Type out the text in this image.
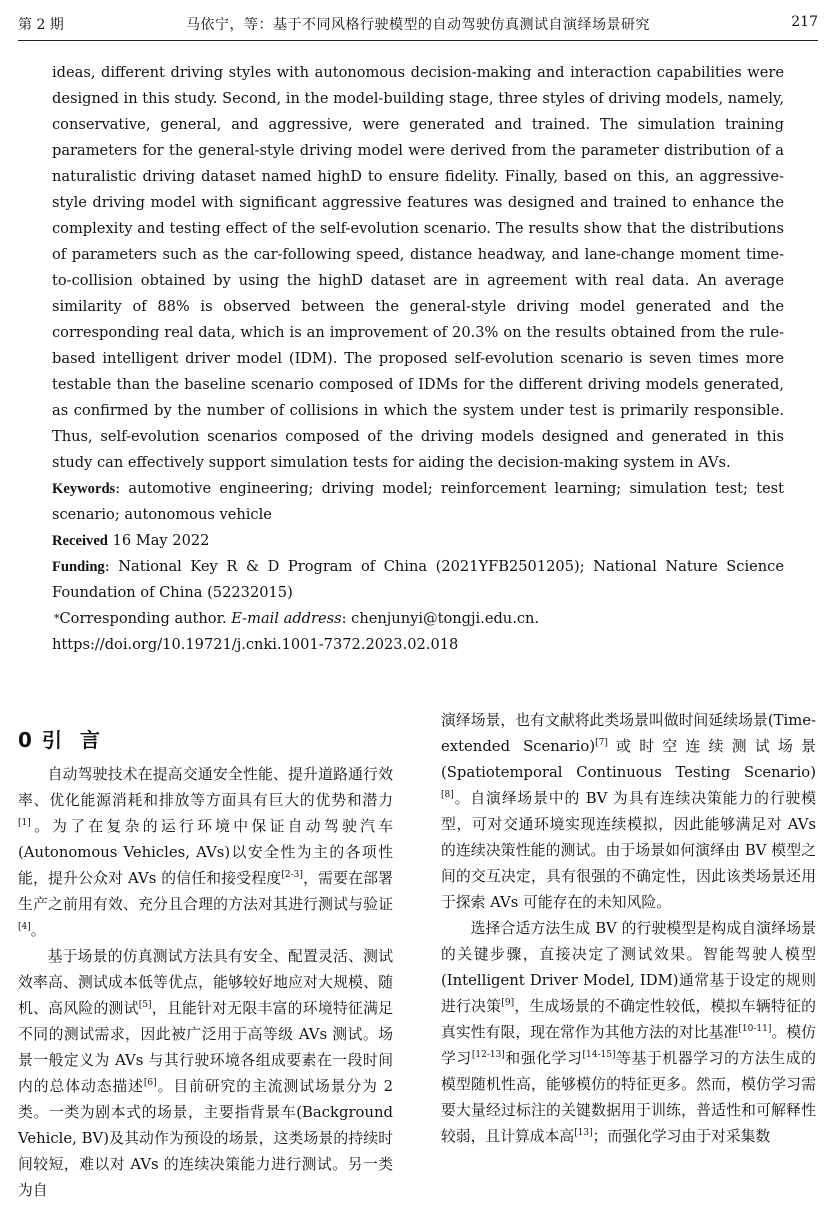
第 2 期	马依宁，等：基于不同风格行驶模型的自动驾驶仿真测试自演绎场景研究	217

ideas, different driving styles with autonomous decision-making and interaction capabilities were designed in this study. Second, in the model-building stage, three styles of driving models, namely, conservative, general, and aggressive, were generated and trained. The simulation training parameters for the general-style driving model were derived from the parameter distribution of a naturalistic driving dataset named highD to ensure fidelity. Finally, based on this, an aggressive-style driving model with significant aggressive features was designed and trained to enhance the complexity and testing effect of the self-evolution scenario. The results show that the distributions of parameters such as the car-following speed, distance headway, and lane-change moment time-to-collision obtained by using the highD dataset are in agreement with real data. An average similarity of 88% is observed between the general-style driving model generated and the corresponding real data, which is an improvement of 20.3% on the results obtained from the rule-based intelligent driver model (IDM). The proposed self-evolution scenario is seven times more testable than the baseline scenario composed of IDMs for the different driving models generated, as confirmed by the number of collisions in which the system under test is primarily responsible. Thus, self-evolution scenarios composed of the driving models designed and generated in this study can effectively support simulation tests for aiding the decision-making system in AVs.

Keywords: automotive engineering; driving model; reinforcement learning; simulation test; test scenario; autonomous vehicle

Received 16 May 2022

Funding: National Key R & D Program of China (2021YFB2501205); National Nature Science Foundation of China (52232015)

*Corresponding author. E-mail address: chenjunyi@tongji.edu.cn.

https://doi.org/10.19721/j.cnki.1001-7372.2023.02.018

0 引言

自动驾驶技术在提高交通安全性能、提升道路通行效率、优化能源消耗和排放等方面具有巨大的优势和潜力[1]。为了在复杂的运行环境中保证自动驾驶汽车(Autonomous Vehicles, AVs)以安全性为主的各项性能，提升公众对 AVs 的信任和接受程度[2-3]，需要在部署生产之前用有效、充分且合理的方法对其进行测试与验证[4]。

基于场景的仿真测试方法具有安全、配置灵活、测试效率高、测试成本低等优点，能够较好地应对大规模、随机、高风险的测试[5]，且能针对无限丰富的环境特征满足不同的测试需求，因此被广泛用于高等级 AVs 测试。场景一般定义为 AVs 与其行驶环境各组成要素在一段时间内的总体动态描述[6]。目前研究的主流测试场景分为 2 类。一类为剧本式的场景，主要指背景车(Background Vehicle, BV)及其动作为预设的场景，这类场景的持续时间较短，难以对 AVs 的连续决策能力进行测试。另一类为自

演绎场景，也有文献将此类场景叫做时间延续场景(Time-extended Scenario)[7]或时空连续测试场景(Spatiotemporal Continuous Testing Scenario)[8]。自演绎场景中的 BV 为具有连续决策能力的行驶模型，可对交通环境实现连续模拟，因此能够满足对 AVs 的连续决策性能的测试。由于场景如何演绎由 BV 模型之间的交互决定，具有很强的不确定性，因此该类场景还用于探索 AVs 可能存在的未知风险。

选择合适方法生成 BV 的行驶模型是构成自演绎场景的关键步骤，直接决定了测试效果。智能驾驶人模型(Intelligent Driver Model, IDM)通常基于设定的规则进行决策[9]，生成场景的不确定性较低，模拟车辆特征的真实性有限，现在常作为其他方法的对比基准[10-11]。模仿学习[12-13]和强化学习[14-15]等基于机器学习的方法生成的模型随机性高，能够模仿的特征更多。然而，模仿学习需要大量经过标注的关键数据用于训练，普适性和可解释性较弱，且计算成本高[13]；而强化学习由于对采集数
